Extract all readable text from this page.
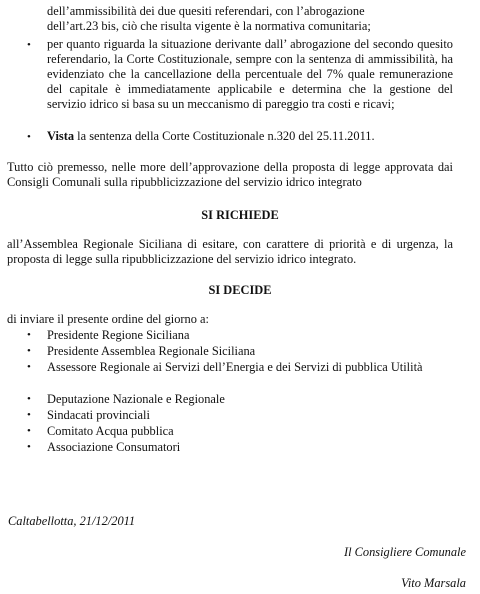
dell’ammissibilità dei due quesiti referendari, con l’abrogazione
dell’art.23 bis, ciò che risulta vigente è la normativa comunitaria;
• per quanto riguarda la situazione derivante dall’ abrogazione del secondo quesito referendario, la Corte Costituzionale, sempre con la sentenza di ammissibilità, ha evidenziato che la cancellazione della percentuale del 7% quale remunerazione del capitale è immediatamente applicabile e determina che la gestione del servizio idrico si basa su un meccanismo di pareggio tra costi e ricavi;
• Vista la sentenza della Corte Costituzionale n.320 del 25.11.2011.
Tutto ciò premesso, nelle more dell’approvazione della proposta di legge approvata dai Consigli Comunali sulla ripubblicizzazione del servizio idrico integrato
SI RICHIEDE
all’Assemblea Regionale Siciliana di esitare, con carattere di priorità e di urgenza, la proposta di legge sulla ripubblicizzazione del servizio idrico integrato.
SI DECIDE
di inviare il presente ordine del giorno a:
• Presidente Regione Siciliana
• Presidente Assemblea Regionale Siciliana
• Assessore Regionale ai Servizi dell’Energia e dei Servizi di pubblica Utilità
• Deputazione Nazionale e Regionale
• Sindacati provinciali
• Comitato Acqua pubblica
• Associazione Consumatori
Caltabellotta, 21/12/2011
Il Consigliere Comunale
Vito Marsala
